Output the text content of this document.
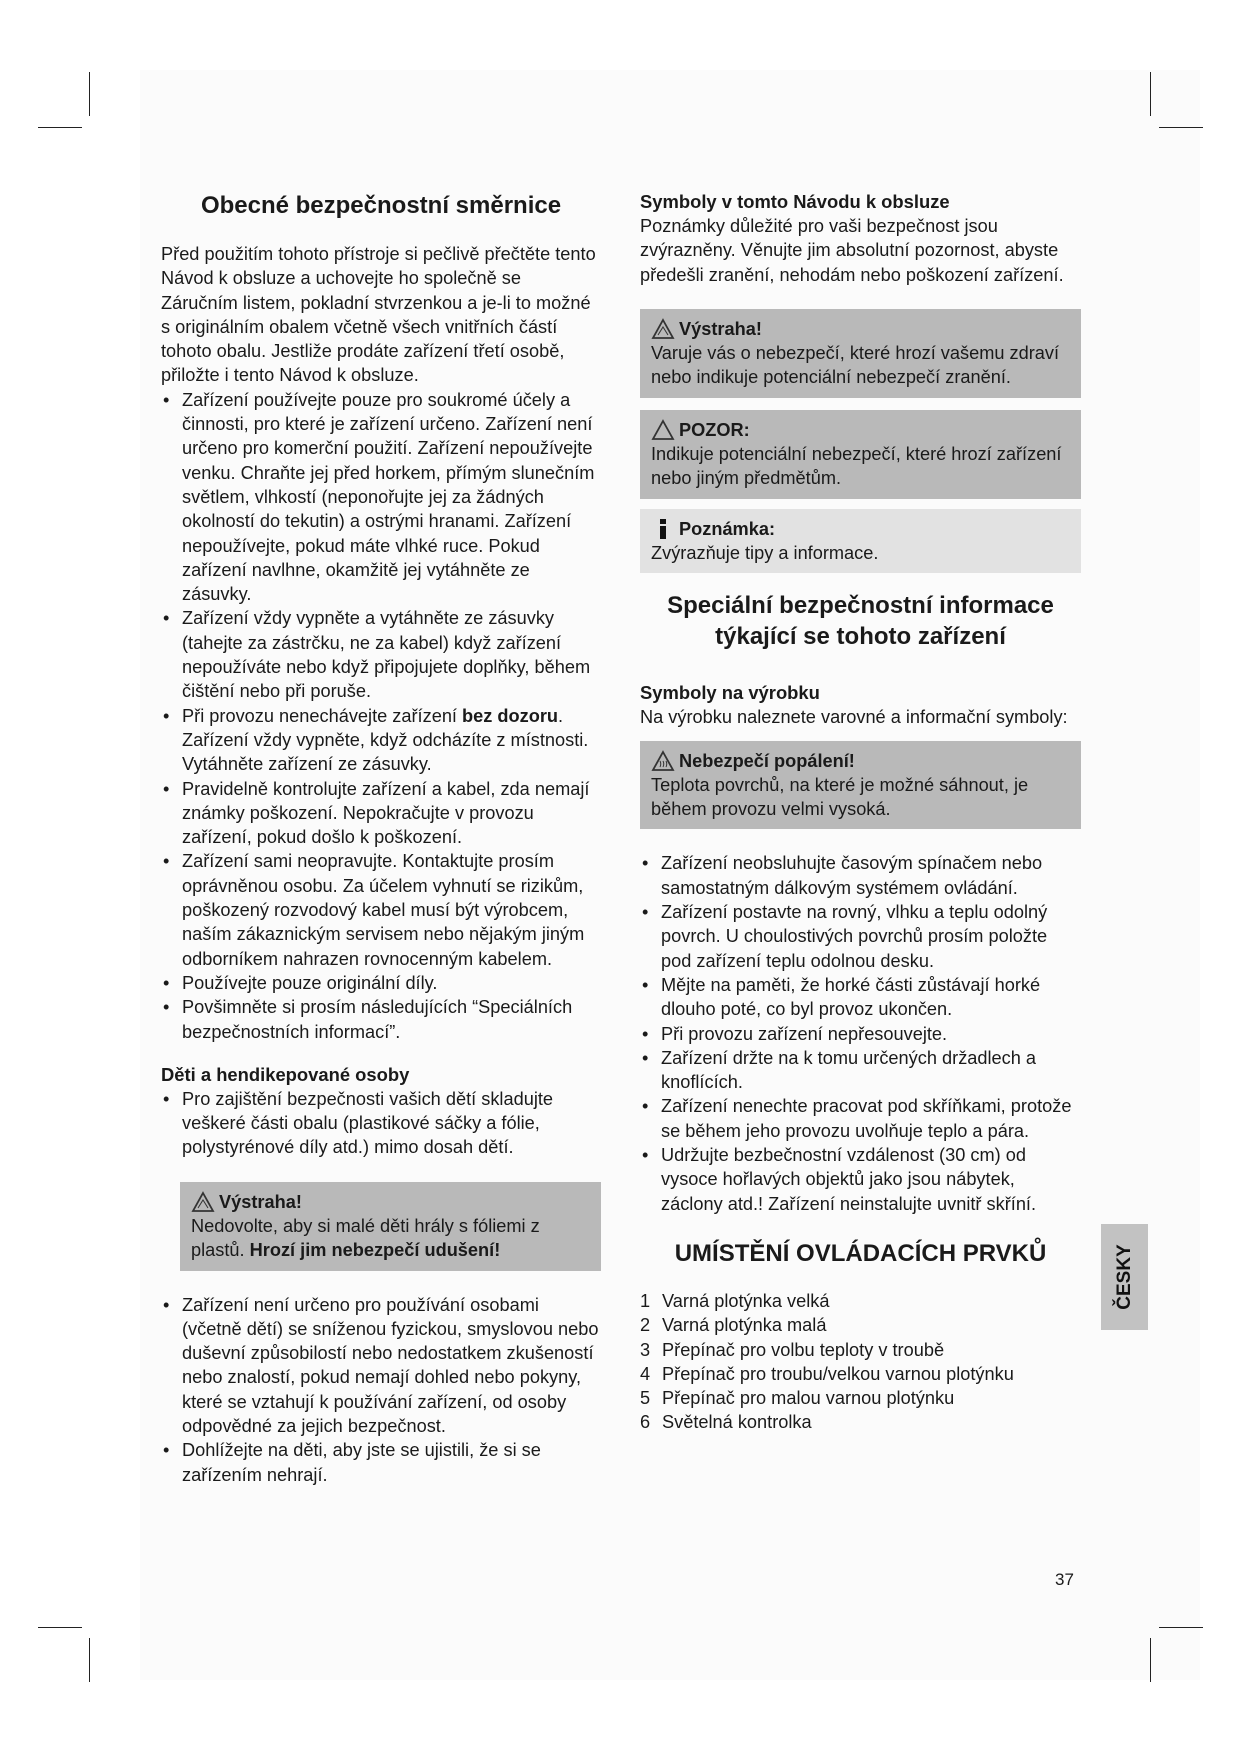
Obecné bezpečnostní směrnice

Před použitím tohoto přístroje si pečlivě přečtěte tento Návod k obsluze a uchovejte ho společně se Záručním listem, pokladní stvrzenkou a je-li to možné s originálním obalem včetně všech vnitřních částí tohoto obalu. Jestliže prodáte zařízení třetí osobě, přiložte i tento Návod k obsluze.

• Zařízení používejte pouze pro soukromé účely a činnosti, pro které je zařízení určeno. Zařízení není určeno pro komerční použití. Zařízení nepoužívejte venku. Chraňte jej před horkem, přímým slunečním světlem, vlhkostí (neponořujte jej za žádných okolností do tekutin) a ostrými hranami. Zařízení nepoužívejte, pokud máte vlhké ruce. Pokud zařízení navlhne, okamžitě jej vytáhněte ze zásuvky.
• Zařízení vždy vypněte a vytáhněte ze zásuvky (tahejte za zástrčku, ne za kabel) když zařízení nepoužíváte nebo když připojujete doplňky, během čištění nebo při poruše.
• Při provozu nenechávejte zařízení bez dozoru. Zařízení vždy vypněte, když odcházíte z místnosti. Vytáhněte zařízení ze zásuvky.
• Pravidelně kontrolujte zařízení a kabel, zda nemají známky poškození. Nepokračujte v provozu zařízení, pokud došlo k poškození.
• Zařízení sami neopravujte. Kontaktujte prosím oprávněnou osobu. Za účelem vyhnutí se rizikům, poškozený rozvodový kabel musí být výrobcem, naším zákaznickým servisem nebo nějakým jiným odborníkem nahrazen rovnocenným kabelem.
• Používejte pouze originální díly.
• Povšimněte si prosím následujících “Speciálních bezpečnostních informací”.
Děti a hendikepované osoby
• Pro zajištění bezpečnosti vašich dětí skladujte veškeré části obalu (plastikové sáčky a fólie, polystyrénové díly atd.) mimo dosah dětí.
Výstraha!
Nedovolte, aby si malé děti hrály s fóliemi z plastů. Hrozí jim nebezpečí udušení!
• Zařízení není určeno pro používání osobami (včetně dětí) se sníženou fyzickou, smyslovou nebo duševní způsobilostí nebo nedostatkem zkušeností nebo znalostí, pokud nemají dohled nebo pokyny, které se vztahují k používání zařízení, od osoby odpovědné za jejich bezpečnost.
• Dohlížejte na děti, aby jste se ujistili, že si se zařízením nehrají.
Symboly v tomto Návodu k obsluze

Poznámky důležité pro vaši bezpečnost jsou zvýrazněny. Věnujte jim absolutní pozornost, abyste předešli zranění, nehodám nebo poškození zařízení.

Výstraha!
Varuje vás o nebezpečí, které hrozí vašemu zdraví nebo indikuje potenciální nebezpečí zranění.
POZOR:
Indikuje potenciální nebezpečí, které hrozí zařízení nebo jiným předmětům.
Poznámka:
Zvýrazňuje tipy a informace.
Speciální bezpečnostní informace
týkající se tohoto zařízení
Symboly na výrobku

Na výrobku naleznete varovné a informační symboly:

Nebezpečí popálení!
Teplota povrchů, na které je možné sáhnout, je během provozu velmi vysoká.
• Zařízení neobsluhujte časovým spínačem nebo samostatným dálkovým systémem ovládání.
• Zařízení postavte na rovný, vlhku a teplu odolný povrch. U choulostivých povrchů prosím položte pod zařízení teplu odolnou desku.
• Mějte na paměti, že horké části zůstávají horké dlouho poté, co byl provoz ukončen.
• Při provozu zařízení nepřesouvejte.
• Zařízení držte na k tomu určených držadlech a knoflících.
• Zařízení nenechte pracovat pod skříňkami, protože se během jeho provozu uvolňuje teplo a pára.
• Udržujte bezbečnostní vzdálenost (30 cm) od vysoce hořlavých objektů jako jsou nábytek, záclony atd.! Zařízení neinstalujte uvnitř skříní.
UMÍSTĚNÍ OVLÁDACÍCH PRVKŮ
1 Varná plotýnka velká
2 Varná plotýnka malá
3 Přepínač pro volbu teploty v troubě
4 Přepínač pro troubu/velkou varnou plotýnku
5 Přepínač pro malou varnou plotýnku
6 Světelná kontrolka
ČESKY
37
